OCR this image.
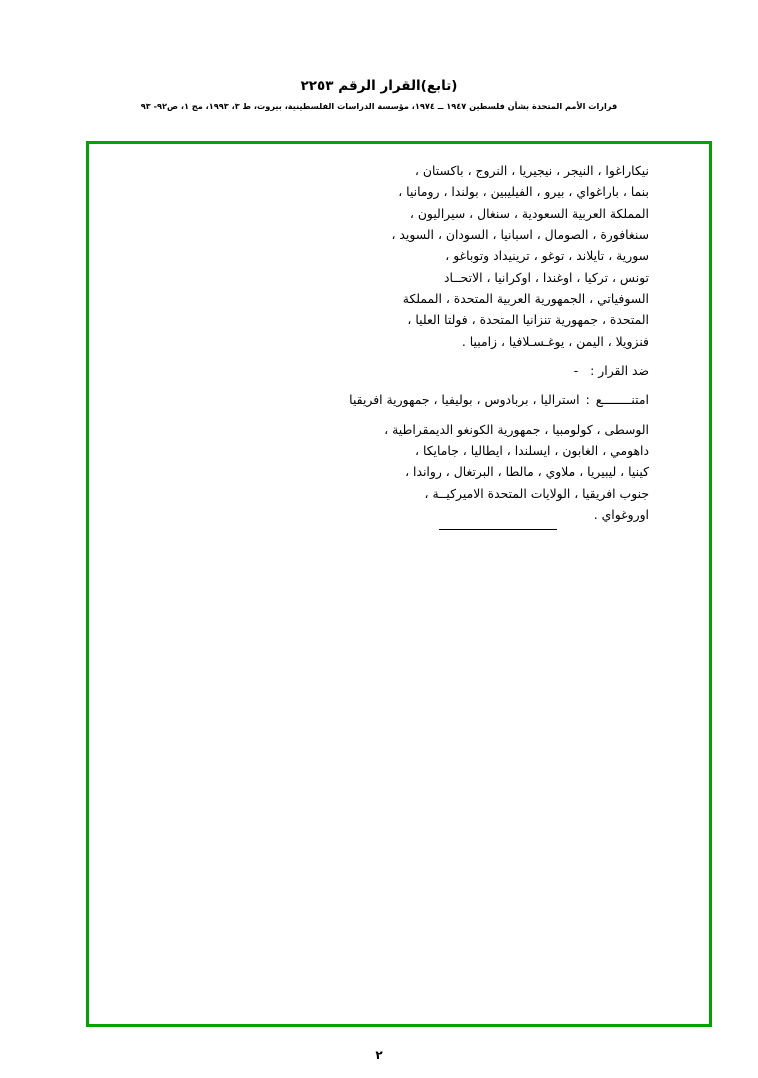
(تابع)القرار الرقم ٢٢٥٣
قرارات الأمم المتحدة بشأن فلسطين ١٩٤٧ ــ ١٩٧٤، مؤسسة الدراسات الفلسطينية، بيروت، ط ٣، ١٩٩٣، مج ١، ص٩٢- ٩٣
نيكاراغوا ، النيجر ، نيجيريا ، النروج ، باكستان ،
بنما ، باراغواي ، بيرو ، الفيليبين ، بولندا ، رومانيا ،
المملكة العربية السعودية ، سنغال ، سيراليون ،
سنغافورة ، الصومال ، اسبانيا ، السودان ، السويد ،
سورية ، تايلاند ، توغو ، ترينيداد وتوباغو ،
تونس ، تركيا ، اوغندا ، اوكرانيا ، الاتحــاد
السوفياتي ، الجمهورية العربية المتحدة ، المملكة
المتحدة ، جمهورية تنزانيا المتحدة ، فولتا العليا ،
فنزويلا ، اليمن ، يوغـسـلافيا ، زامبيا .
ضد القرار :
-
امتنــــــــع
:
استراليا ، بربادوس ، بوليفيا ، جمهورية افريقيا
الوسطى ، كولومبيا ، جمهورية الكونغو الديمقراطية ،
داهومي ، الغابون ، ايسلندا ، ايطاليا ، جامايكا ،
كينيا ، ليبيريا ، ملاوي ، مالطا ، البرتغال ، رواندا ،
جنوب افريقيا ، الولايات المتحدة الاميركيــة ،
اوروغواي .
٢
